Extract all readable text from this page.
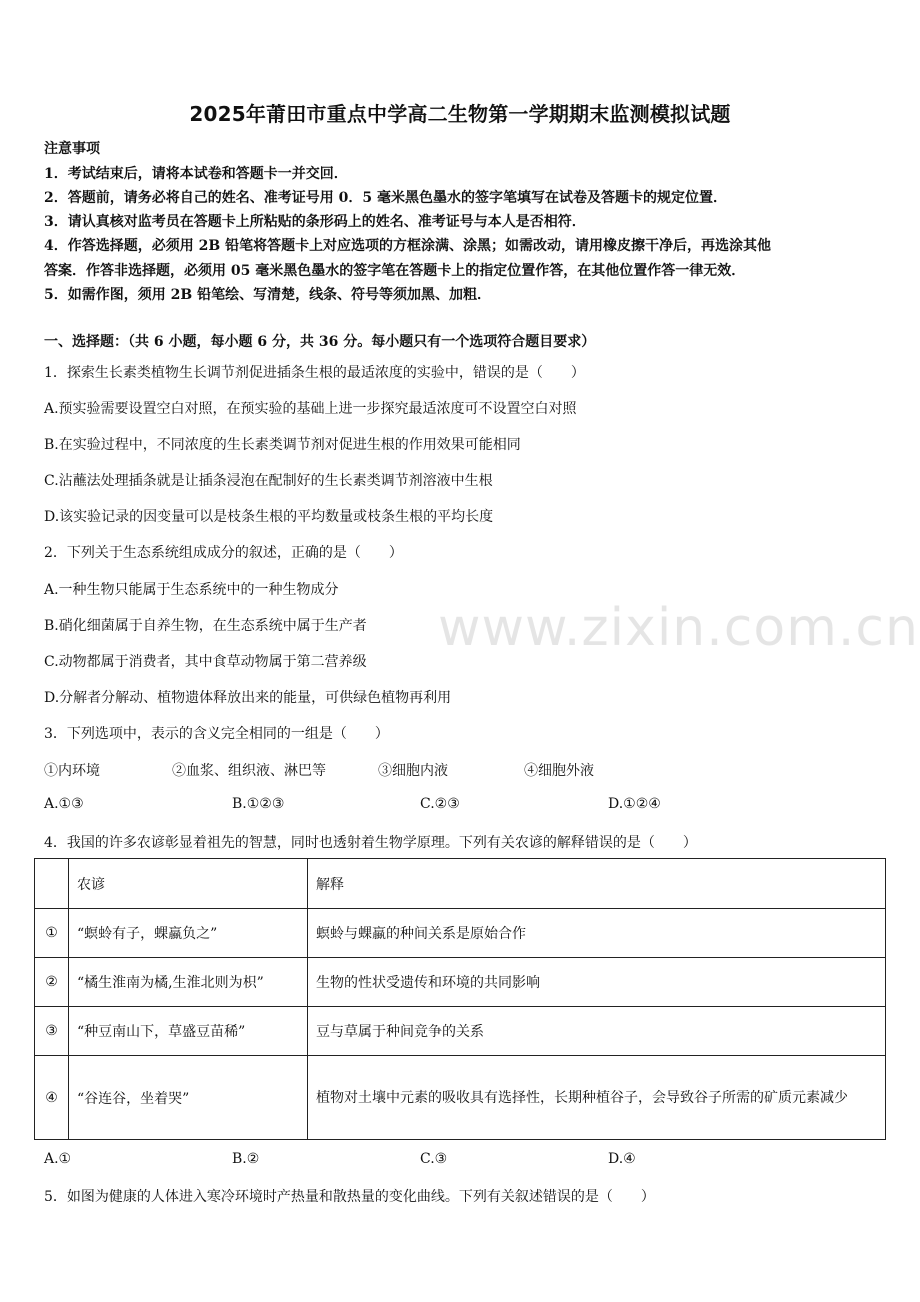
2025年莆田市重点中学高二生物第一学期期末监测模拟试题
注意事项
1．考试结束后，请将本试卷和答题卡一并交回．
2．答题前，请务必将自己的姓名、准考证号用 0．5 毫米黑色墨水的签字笔填写在试卷及答题卡的规定位置．
3．请认真核对监考员在答题卡上所粘贴的条形码上的姓名、准考证号与本人是否相符．
4．作答选择题，必须用 2B 铅笔将答题卡上对应选项的方框涂满、涂黑；如需改动，请用橡皮擦干净后，再选涂其他
答案．作答非选择题，必须用 05 毫米黑色墨水的签字笔在答题卡上的指定位置作答，在其他位置作答一律无效．
5．如需作图，须用 2B 铅笔绘、写清楚，线条、符号等须加黑、加粗．
一、选择题：（共 6 小题，每小题 6 分，共 36 分。每小题只有一个选项符合题目要求）
1．探索生长素类植物生长调节剂促进插条生根的最适浓度的实验中，错误的是（　　）
A.预实验需要设置空白对照，在预实验的基础上进一步探究最适浓度可不设置空白对照
B.在实验过程中，不同浓度的生长素类调节剂对促进生根的作用效果可能相同
C.沾蘸法处理插条就是让插条浸泡在配制好的生长素类调节剂溶液中生根
D.该实验记录的因变量可以是枝条生根的平均数量或枝条生根的平均长度
2．下列关于生态系统组成成分的叙述，正确的是（　　）
A.一种生物只能属于生态系统中的一种生物成分
B.硝化细菌属于自养生物，在生态系统中属于生产者
C.动物都属于消费者，其中食草动物属于第二营养级
D.分解者分解动、植物遗体释放出来的能量，可供绿色植物再利用
www.zixin.com.cn
3．下列选项中，表示的含义完全相同的一组是（　　）
①内环境	②血浆、组织液、淋巴等	③细胞内液	④细胞外液
A.①③	B.①②③	C.②③	D.①②④
4．我国的许多农谚彰显着祖先的智慧，同时也透射着生物学原理。下列有关农谚的解释错误的是（　　）
	农谚	解释
①	“螟蛉有子，蜾蠃负之”	螟蛉与蜾蠃的种间关系是原始合作
②	“橘生淮南为橘,生淮北则为枳”	生物的性状受遗传和环境的共同影响
③	“种豆南山下，草盛豆苗稀”	豆与草属于种间竞争的关系
④	“谷连谷，坐着哭”	植物对土壤中元素的吸收具有选择性，长期种植谷子，会导致谷子所需的矿质元素减少
A.①	B.②	C.③	D.④
5．如图为健康的人体进入寒冷环境时产热量和散热量的变化曲线。下列有关叙述错误的是（　　）
